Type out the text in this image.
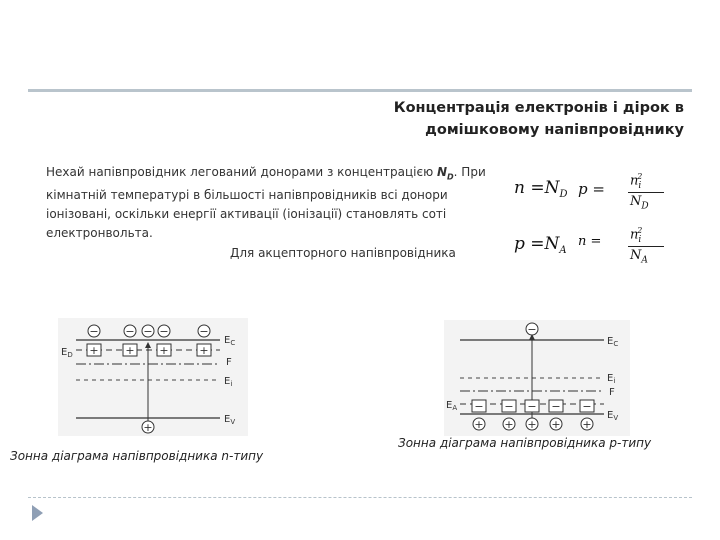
Концентрація електронів і дірок в
домішковому напівпровіднику
Нехай напівпровідник легований донорами з концентрацією $N_D$. При кімнатній температурі в більшості напівпровідників всі донори іонізовані, оскільки енергії активації (іонізації) становлять соті електронвольта.
Для акцепторного напівпровідника
$n =N_D$ $p = n_i^2$
$N_D$
$p =N_A$
$n = n_i^2$
$N_A$
− − − −	−
+ + +	+
+
$E_C$
$E_D$
F
$E_i$
$E_V$
Зонна діаграма напівпровідника n-типу
−
− − − − −
+ + + + +
$E_C$
$E_i$
F
$E_A$
$E_V$
Зонна діаграма напівпровідника p-типу
